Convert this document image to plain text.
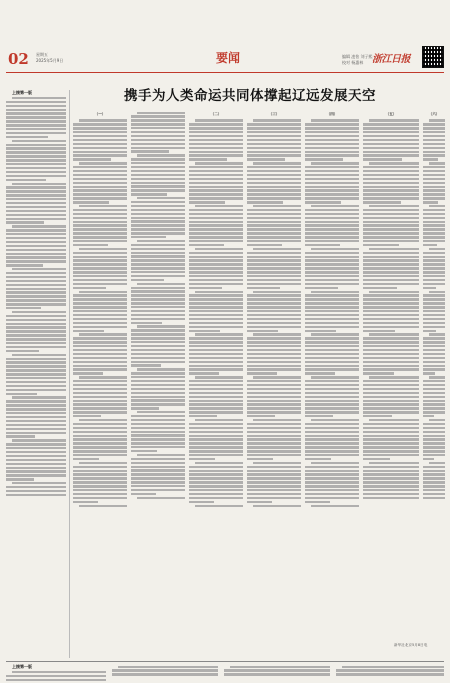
02 星期五
2025年5月9日	要闻	编辑 凌怡 刘子熙
校对 杨惠林 浙江日报
携手为人类命运共同体撑起辽远发展天空

上接第一版

（一）	（二）	（三）	（四）	（五）	（六）

新华社北京5月8日电

上接第一版
